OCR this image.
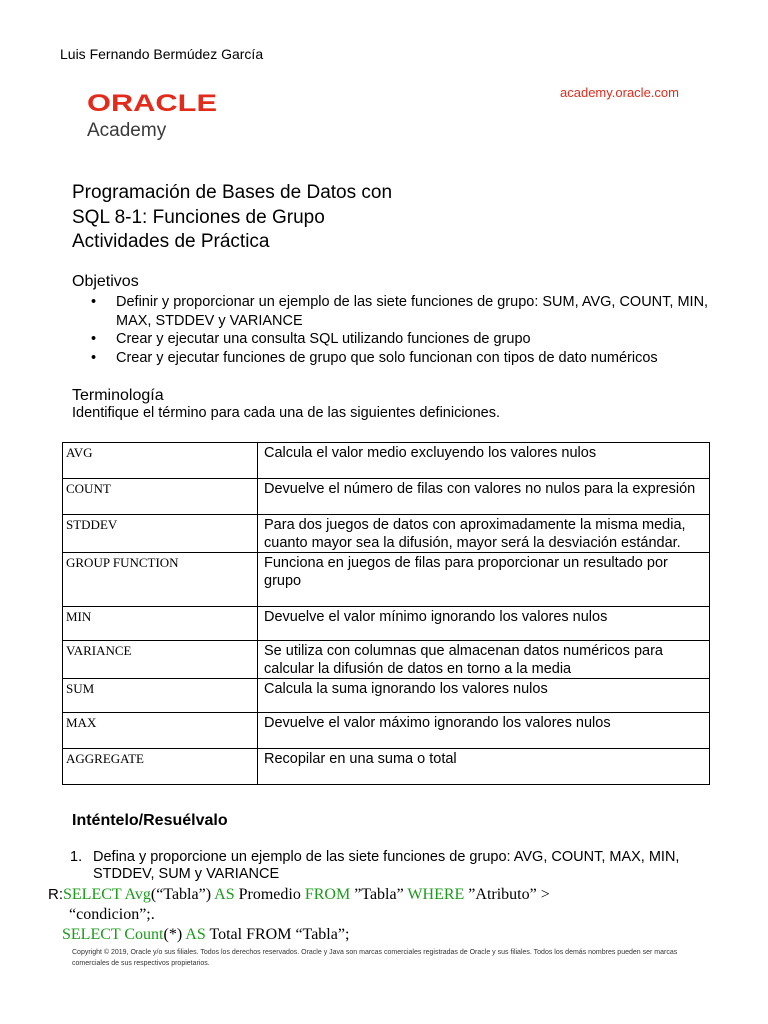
Luis Fernando Bermúdez García
academy.oracle.com
ORACLE
Academy
Programación de Bases de Datos con
SQL 8-1: Funciones de Grupo
Actividades de Práctica
Objetivos
• Definir y proporcionar un ejemplo de las siete funciones de grupo: SUM, AVG, COUNT, MIN, MAX, STDDEV y VARIANCE
• Crear y ejecutar una consulta SQL utilizando funciones de grupo
• Crear y ejecutar funciones de grupo que solo funcionan con tipos de dato numéricos
Terminología
Identifique el término para cada una de las siguientes definiciones.
AVG	Calcula el valor medio excluyendo los valores nulos
COUNT	Devuelve el número de filas con valores no nulos para la expresión
STDDEV	Para dos juegos de datos con aproximadamente la misma media, cuanto mayor sea la difusión, mayor será la desviación estándar.
GROUP FUNCTION	Funciona en juegos de filas para proporcionar un resultado por grupo
MIN	Devuelve el valor mínimo ignorando los valores nulos
VARIANCE	Se utiliza con columnas que almacenan datos numéricos para calcular la difusión de datos en torno a la media
SUM	Calcula la suma ignorando los valores nulos
MAX	Devuelve el valor máximo ignorando los valores nulos
AGGREGATE	Recopilar en una suma o total
Inténtelo/Resuélvalo
1. Defina y proporcione un ejemplo de las siete funciones de grupo: AVG, COUNT, MAX, MIN, STDDEV, SUM y VARIANCE
R:SELECT Avg(“Tabla”) AS Promedio FROM ”Tabla” WHERE ”Atributo” >
“condicion”;.
SELECT Count(*) AS Total FROM “Tabla”;
Copyright © 2019, Oracle y/o sus filiales. Todos los derechos reservados. Oracle y Java son marcas comerciales registradas de Oracle y sus filiales. Todos los demás nombres pueden ser marcas comerciales de sus respectivos propietarios.
